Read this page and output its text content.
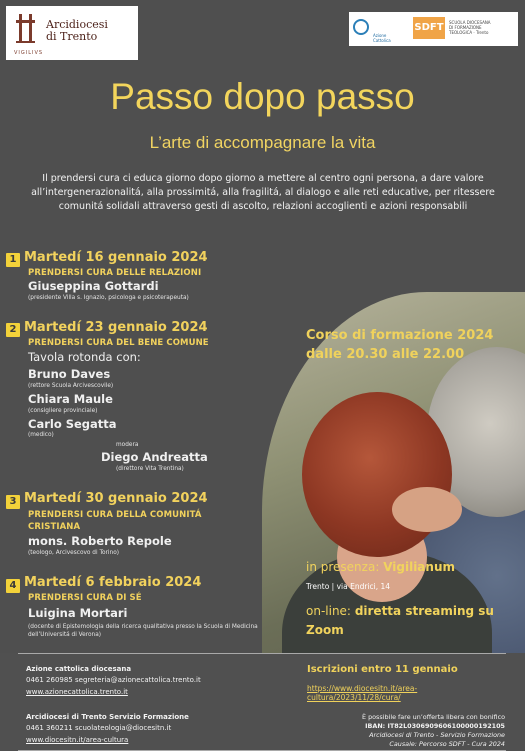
Arcidiocesi
di Trento
VIGILIVS
Azione Cattolica
SDFT	SCUOLA DIOCESANA
DI FORMAZIONE
TEOLOGICA · Trento
Passo dopo passo
L’arte di accompagnare la vita
Il prendersi cura ci educa giorno dopo giorno a mettere al centro ogni persona, a dare valore all’intergenerazionalitá, alla prossimitá, alla fragilitá, al dialogo e alle reti educative, per ritessere comunitá solidali attraverso gesti di ascolto, relazioni accoglienti e azioni responsabili
1 Martedí 16 gennaio 2024
PRENDERSI CURA DELLE RELAZIONI
Giuseppina Gottardi
(presidente Villa s. Ignazio, psicologa e psicoterapeuta)
2 Martedí 23 gennaio 2024
PRENDERSI CURA DEL BENE COMUNE
Tavola rotonda con:
Bruno Daves
(rettore Scuola Arcivescovile)
Chiara Maule
(consigliere provinciale)
Carlo Segatta
(medico)
modera
Diego Andreatta
(direttore Vita Trentina)
3 Martedí 30 gennaio 2024
PRENDERSI CURA DELLA COMUNITÁ CRISTIANA
mons. Roberto Repole
(teologo, Arcivescovo di Torino)
4 Martedí 6 febbraio 2024
PRENDERSI CURA DI SÉ
Luigina Mortari
(docente di Epistemologia della ricerca qualitativa presso la Scuola di Medicina dell’Universitá di Verona)
Corso di formazione 2024
dalle 20.30 alle 22.00
in presenza: Vigilianum
Trento | via Endrici, 14
on-line: diretta streaming su Zoom
Azione cattolica diocesana
0461 260985 segreteria@azionecattolica.trento.it
www.azionecattolica.trento.it
Arcidiocesi di Trento Servizio Formazione
0461 360211 scuolateologia@diocesitn.it
www.diocesitn.it/area-cultura
Iscrizioni entro 11 gennaio
https://www.diocesitn.it/area-cultura/2023/11/28/cura/
È possibile fare un’offerta libera con bonifico
IBAN: IT82L0306909606100000192105
Arcidiocesi di Trento - Servizio Formazione
Causale: Percorso SDFT - Cura 2024
